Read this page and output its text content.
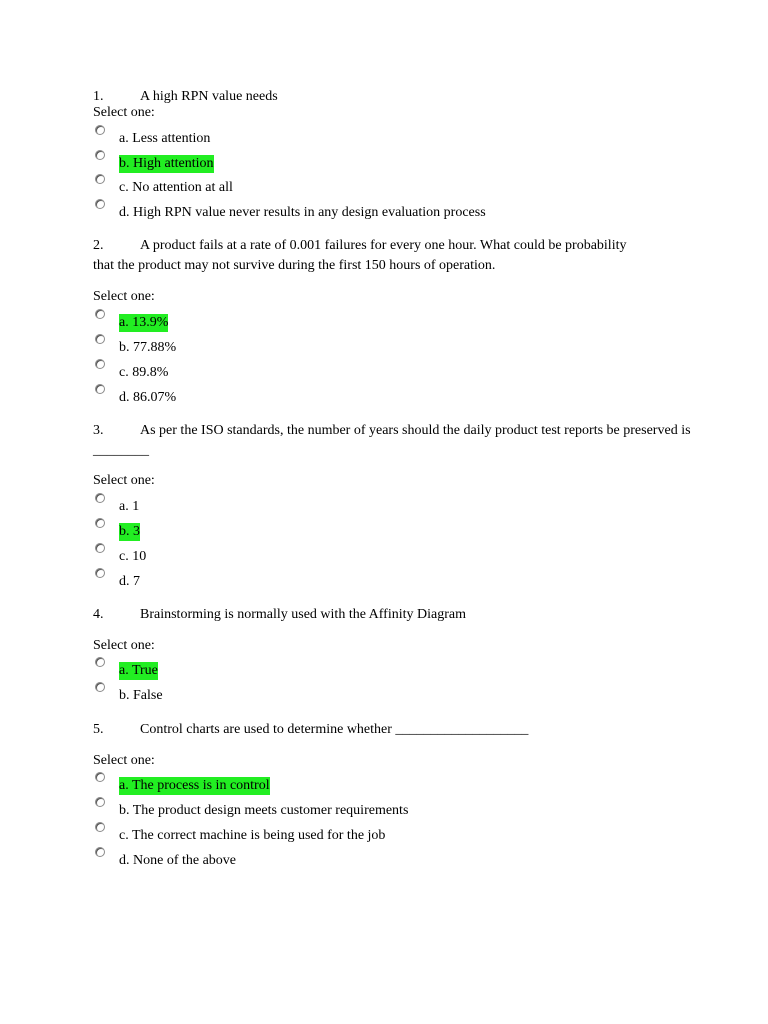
1.	A high RPN value needs
Select one:
a. Less attention
b. High attention
c. No attention at all
d. High RPN value never results in any design evaluation process
2.	A product fails at a rate of 0.001 failures for every one hour. What could be probability that the product may not survive during the first 150 hours of operation.
Select one:
a. 13.9%
b. 77.88%
c. 89.8%
d. 86.07%
3.	As per the ISO standards, the number of years should the daily product test reports be preserved is ________
Select one:
a. 1
b. 3
c. 10
d. 7
4.	Brainstorming is normally used with the Affinity Diagram
Select one:
a. True
b. False
5.	Control charts are used to determine whether ___________________
Select one:
a. The process is in control
b. The product design meets customer requirements
c. The correct machine is being used for the job
d. None of the above
